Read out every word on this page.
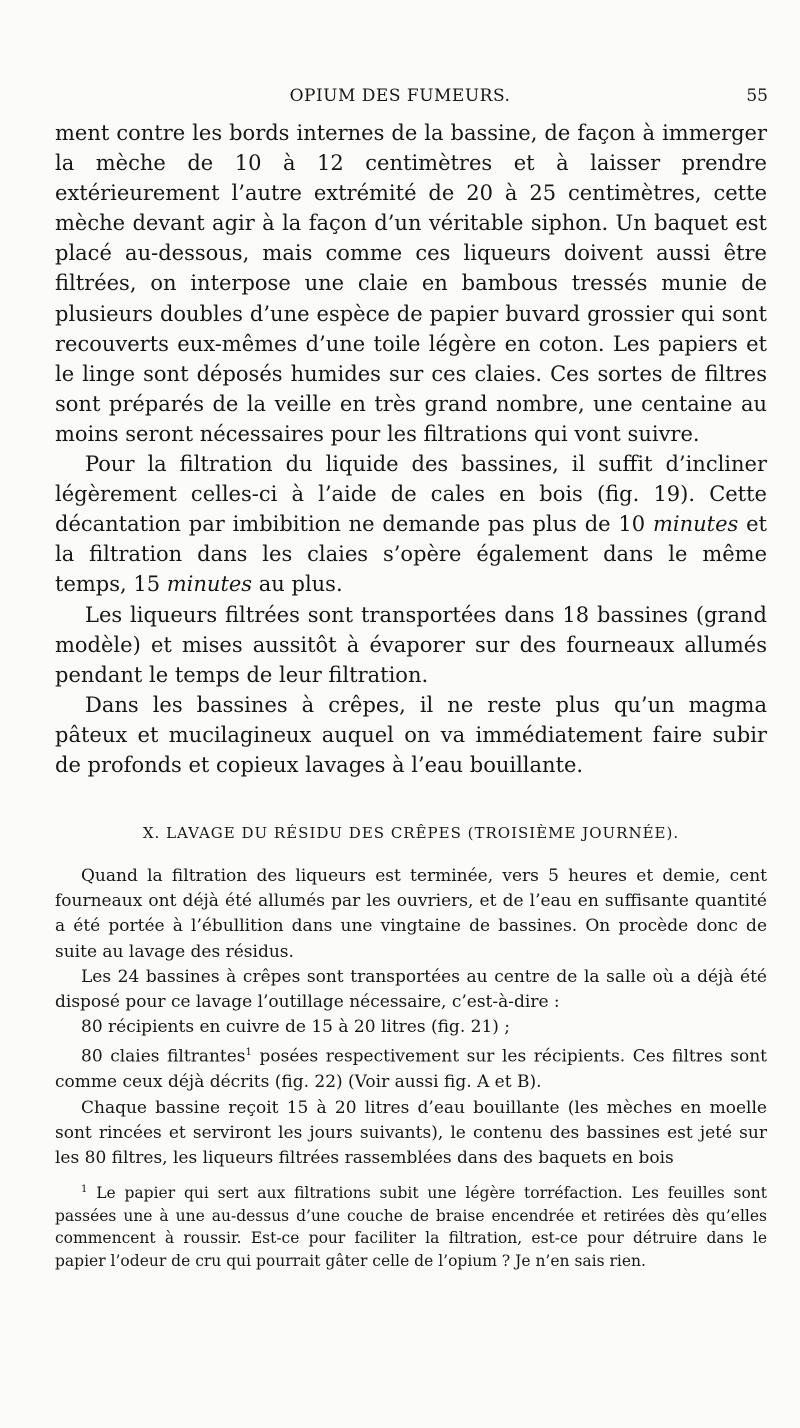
OPIUM DES FUMEURS.	55

ment contre les bords internes de la bassine, de façon à immerger la mèche de 10 à 12 centimètres et à laisser prendre extérieurement l’autre extrémité de 20 à 25 centimètres, cette mèche devant agir à la façon d’un véritable siphon. Un baquet est placé au-dessous, mais comme ces liqueurs doivent aussi être filtrées, on interpose une claie en bambous tressés munie de plusieurs doubles d’une espèce de papier buvard grossier qui sont recouverts eux-mêmes d’une toile légère en coton. Les papiers et le linge sont déposés humides sur ces claies. Ces sortes de filtres sont préparés de la veille en très grand nombre, une centaine au moins seront nécessaires pour les filtrations qui vont suivre.

Pour la filtration du liquide des bassines, il suffit d’incliner légèrement celles-ci à l’aide de cales en bois (fig. 19). Cette décantation par imbibition ne demande pas plus de 10 minutes et la filtration dans les claies s’opère également dans le même temps, 15 minutes au plus.

Les liqueurs filtrées sont transportées dans 18 bassines (grand modèle) et mises aussitôt à évaporer sur des fourneaux allumés pendant le temps de leur filtration.

Dans les bassines à crêpes, il ne reste plus qu’un magma pâteux et mucilagineux auquel on va immédiatement faire subir de profonds et copieux lavages à l’eau bouillante.

X. LAVAGE DU RÉSIDU DES CRÊPES (TROISIÈME JOURNÉE).

Quand la filtration des liqueurs est terminée, vers 5 heures et demie, cent fourneaux ont déjà été allumés par les ouvriers, et de l’eau en suffisante quantité a été portée à l’ébullition dans une vingtaine de bassines. On procède donc de suite au lavage des résidus.

Les 24 bassines à crêpes sont transportées au centre de la salle où a déjà été disposé pour ce lavage l’outillage nécessaire, c’est-à-dire :

80 récipients en cuivre de 15 à 20 litres (fig. 21) ;

80 claies filtrantes$^1$ posées respectivement sur les récipients. Ces filtres sont comme ceux déjà décrits (fig. 22) (Voir aussi fig. A et B).

Chaque bassine reçoit 15 à 20 litres d’eau bouillante (les mèches en moelle sont rincées et serviront les jours suivants), le contenu des bassines est jeté sur les 80 filtres, les liqueurs filtrées rassemblées dans des baquets en bois

$^1$ Le papier qui sert aux filtrations subit une légère torréfaction. Les feuilles sont passées une à une au-dessus d’une couche de braise encendrée et retirées dès qu’elles commencent à roussir. Est-ce pour faciliter la filtration, est-ce pour détruire dans le papier l’odeur de cru qui pourrait gâter celle de l’opium ? Je n’en sais rien.
